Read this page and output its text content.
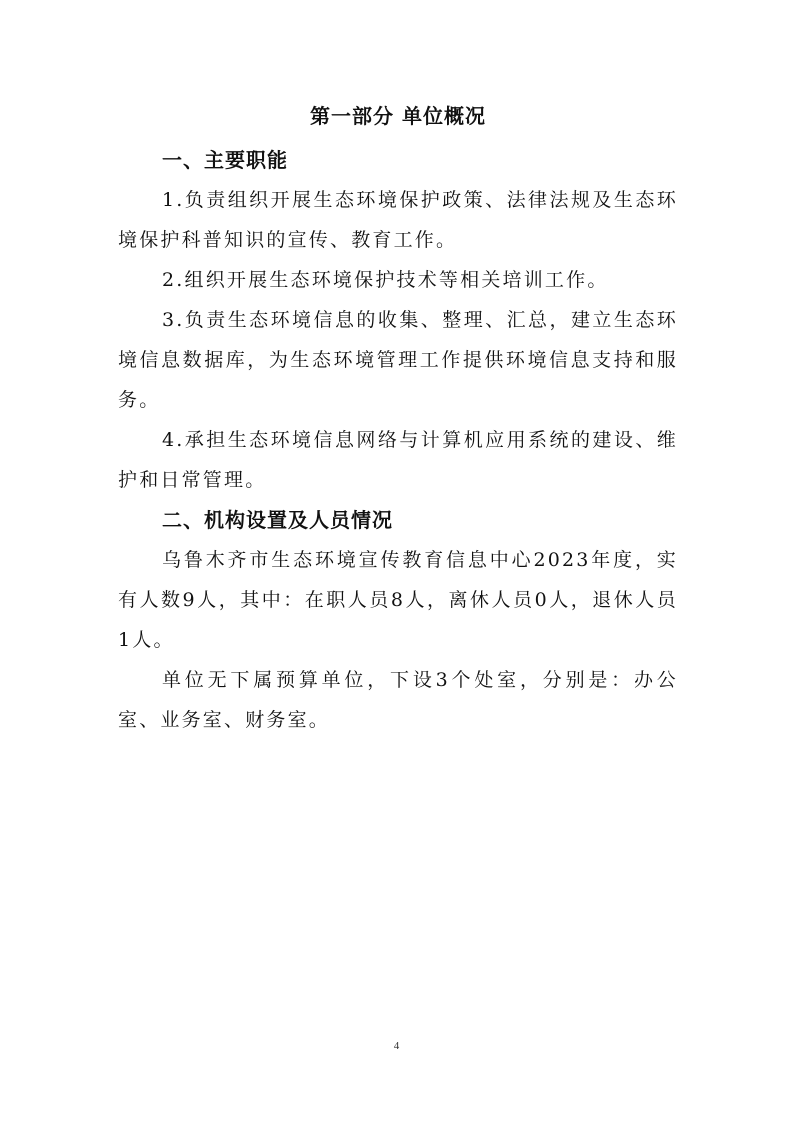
第一部分 单位概况
一、主要职能

1.负责组织开展生态环境保护政策、法律法规及生态环境保护科普知识的宣传、教育工作。

2.组织开展生态环境保护技术等相关培训工作。

3.负责生态环境信息的收集、整理、汇总，建立生态环境信息数据库，为生态环境管理工作提供环境信息支持和服务。

4.承担生态环境信息网络与计算机应用系统的建设、维护和日常管理。

二、机构设置及人员情况

乌鲁木齐市生态环境宣传教育信息中心2023年度，实有人数9人，其中：在职人员8人，离休人员0人，退休人员1人。

单位无下属预算单位，下设3个处室，分别是：办公室、业务室、财务室。

4
